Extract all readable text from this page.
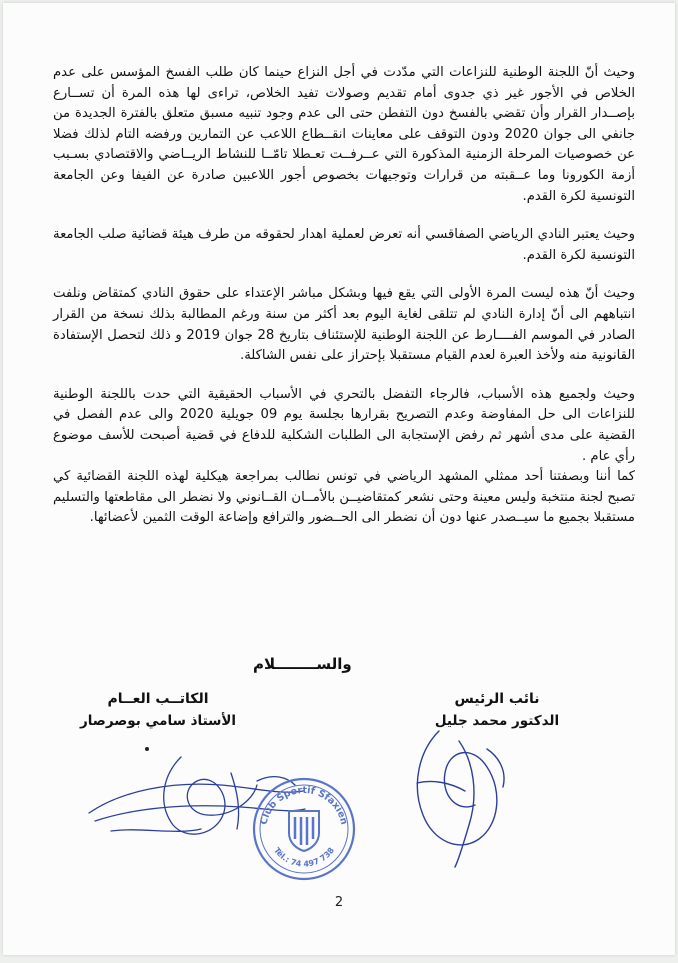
وحيث أنّ اللجنة الوطنية للنزاعات التي مدّدت في أجل النزاع حينما كان طلب الفسخ المؤسس على عدم الخلاص في الأجور غير ذي جدوى أمام تقديم وصولات تفيد الخلاص، تراءى لها هذه المرة أن تســارع بإصــدار القرار وأن تقضي بالفسخ دون التفطن حتى الى عدم وجود تنبيه مسبق متعلق بالفترة الجديدة من جانفي الى جوان 2020 ودون التوقف على معاينات انقــطاع اللاعب عن التمارين ورفضه التام لذلك فضلا عن خصوصيات المرحلة الزمنية المذكورة التي عــرفــت تعـطلا تامّــا للنشاط الريــاضي والاقتصادي بسـبب أزمة الكورونا وما عــقبته من قرارات وتوجيهات بخصوص أجور اللاعبين صادرة عن الفيفا وعن الجامعة التونسية لكرة القدم.

وحيث يعتبر النادي الرياضي الصفاقسي أنه تعرض لعملية اهدار لحقوقه من طرف هيئة قضائية صلب الجامعة التونسية لكرة القدم.

وحيث أنّ هذه ليست المرة الأولى التي يقع فيها وبشكل مباشر الإعتداء على حقوق النادي كمتقاض ونلفت انتباههم الى أنّ إدارة النادي لم تتلقى لغاية اليوم بعد أكثر من سنة ورغم المطالبة بذلك نسخة من القرار الصادر في الموسم الفــــارط عن اللجنة الوطنية للإستئناف بتاريخ 28 جوان 2019 و ذلك لتحصل الإستفادة القانونية منه ولأخذ العبرة لعدم القيام مستقبلا بإحتراز على نفس الشاكلة.

وحيث ولجميع هذه الأسباب، فالرجاء التفضل بالتحري في الأسباب الحقيقية التي حدت باللجنة الوطنية للنزاعات الى حل المفاوضة وعدم التصريح بقرارها بجلسة يوم 09 جويلية 2020 والى عدم الفصل في القضية على مدى أشهر ثم رفض الإستجابة الى الطلبات الشكلية للدفاع في قضية أصبحت للأسف موضوع رأي عام .

كما أننا وبصفتنا أحد ممثلي المشهد الرياضي في تونس نطالب بمراجعة هيكلية لهذه اللجنة القضائية كي تصبح لجنة منتخبة وليس معينة وحتى نشعر كمتقاضيــن بالأمــان القــانوني ولا نضطر الى مقاطعتها والتسليم مستقبلا بجميع ما سيــصدر عنها دون أن نضطر الى الحــضور والترافع وإضاعة الوقت الثمين لأعضائها.

والســــــــلام
نائب الرئيس
الدكتور محمد جليل
الكاتــب العــام
الأستاذ سامي بوصرصار
Club Sportif Sfaxien
Tél.: 74 497 738
2
